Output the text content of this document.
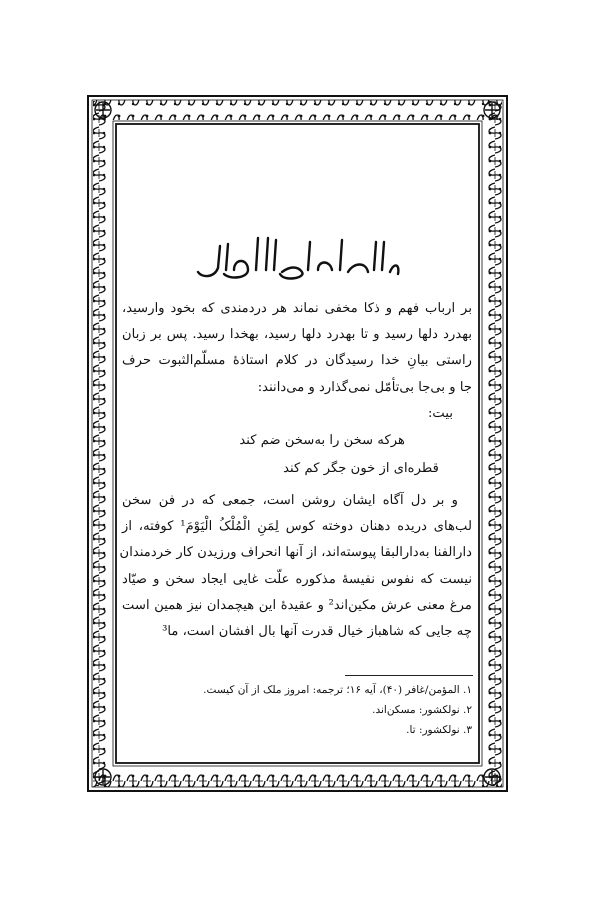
بسم الله الرحمن الرحیم
بر ارباب فهم و ذکا مخفی نماند هر دردمندی که بخود وارسید،
بهدرد دلها رسید و تا بهدرد دلها رسید، بهخدا رسید. پس بر زبان
راستی بیانِ خدا رسیدگان در کلام استاذهٔ مسلّم‌الثبوت حرف
جا و بی‌جا بی‌تأمّل نمی‌گذارد و می‌دانند:
بیت:
هرکه سخن را به‌سخن ضم کند
قطره‌ای از خون جگر کم کند
و بر دل آگاه ایشان روشن است، جمعی که در فن سخن
لب‌های دریده دهنان دوخته کوس لِمَنِ الْمُلْکُ الْیَوْمَ¹ کوفته، از
دارالفنا به‌دارالبقا پیوسته‌اند، از آنها انحراف ورزیدن کار خردمندان
نیست که نفوس نفیسهٔ مذکوره علّت غایی ایجاد سخن و صیّاد
مرغ معنی عرش مکین‌اند² و عقیدهٔ این هیچمدان نیز همین است
چه جایی که شاهباز خیال قدرت آنها بال افشان است، ما³
۱. المؤمن/غافر (۴۰)، آیه ۱۶؛ ترجمه: امروز ملک از آن کیست.
۲. نولکشور: مسکن‌اند.
۳. نولکشور: تا.
